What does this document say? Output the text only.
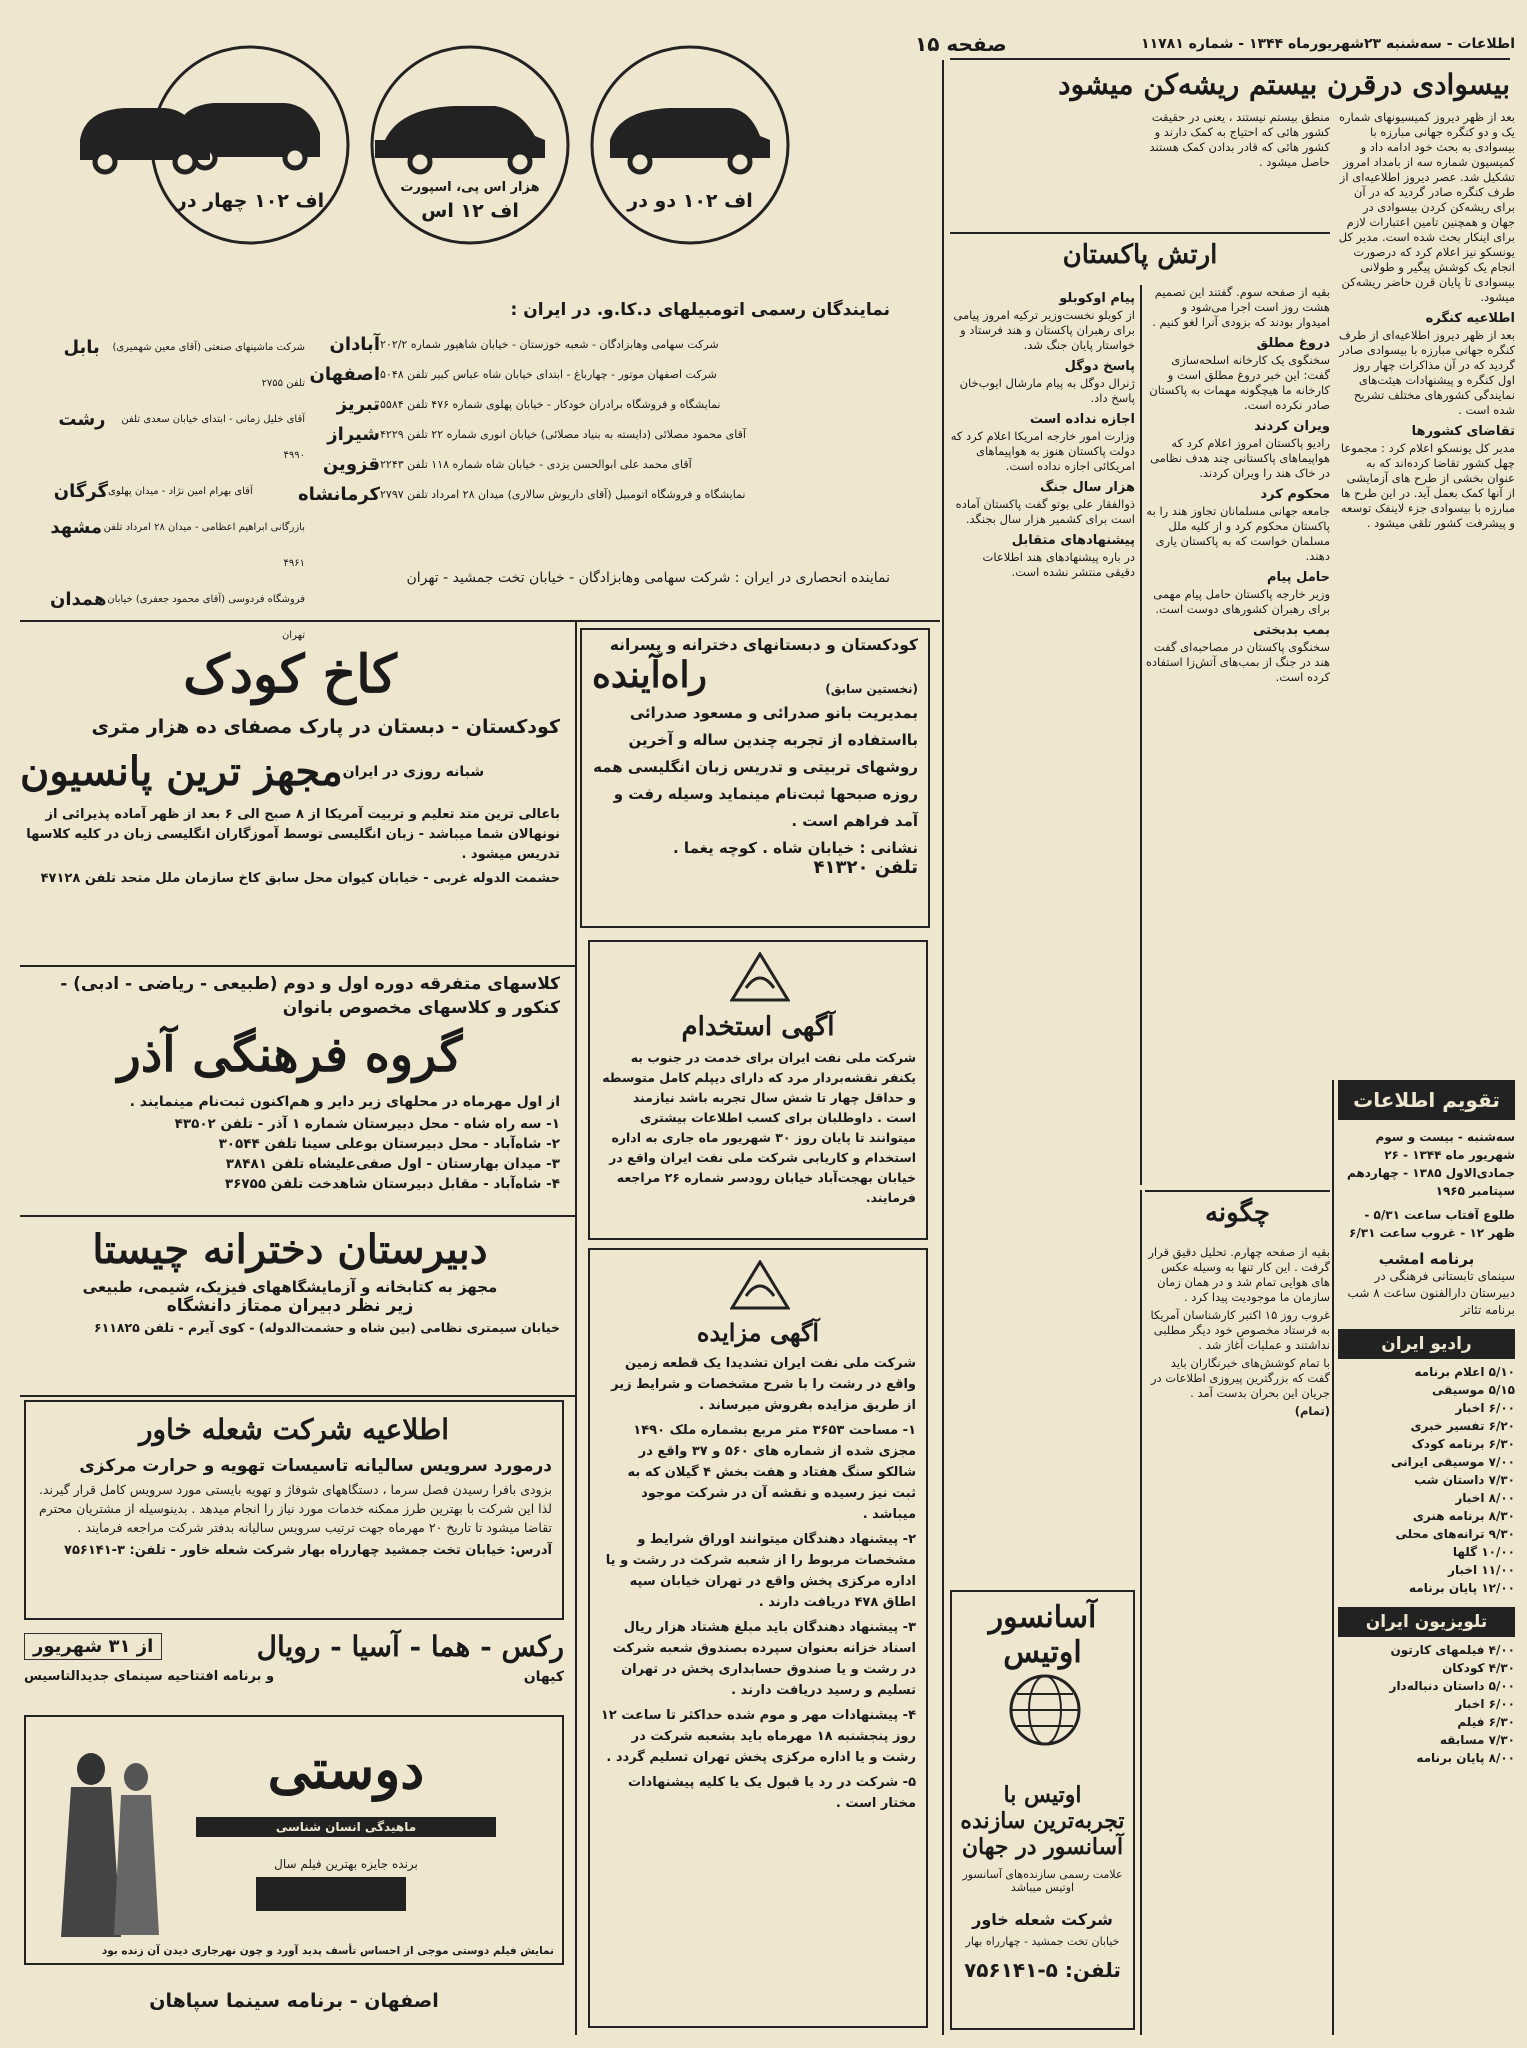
اطلاعات - سه‌شنبه ۲۳شهریورماه ۱۳۴۴ - شماره ۱۱۷۸۱
صفحه ۱۵
اف ۱۰۲ دو در
هزار اس پی، اسپورت
اف ۱۲ اس
اف ۱۰۲ چهار در
نمایندگان رسمی اتومبیلهای د.کا.و. در ایران :
آبادان شرکت سهامی وهابزادگان - شعبه خوزستان - خیابان شاهپور شماره ۲۰۲/۲
اصفهان شرکت اصفهان موتور - چهارباغ - ابتدای خیابان شاه عباس کبیر تلفن ۵۰۴۸
تبریز نمایشگاه و فروشگاه برادران خودکار - خیابان پهلوی شماره ۴۷۶ تلفن ۵۵۸۴
شیراز آقای محمود مصلائی (دایسته به بنیاد مصلائی) خیابان انوری شماره ۲۲ تلفن ۴۲۲۹
قزوین آقای محمد علی ابوالحسن یزدی - خیابان شاه شماره ۱۱۸ تلفن ۲۲۴۳
کرمانشاه نمایشگاه و فروشگاه اتومبیل (آقای داریوش سالاری) میدان ۲۸ امرداد تلفن ۲۷۹۷
بابل	شرکت ماشینهای صنعتی (آقای معین شهمیری) تلفن ۲۷۵۵
رشت	آقای خلیل زمانی - ابتدای خیابان سعدی تلفن ۴۹۹۰
گرگان آقای بهرام امین نژاد - میدان پهلوی
مشهد بازرگانی ابراهیم اعظامی - میدان ۲۸ امرداد تلفن ۴۹۶۱
همدان فروشگاه فردوسی (آقای محمود جعفری) خیابان تهران
نماینده انحصاری در ایران : شرکت سهامی وهابزادگان - خیابان تخت جمشید - تهران
کاخ کودک
کودکستان - دبستان در پارک مصفای ده هزار متری
مجهز ترین پانسیون شبانه روزی در ایران
باعالی ترین متد تعلیم و تربیت آمریکا از ۸ صبح الی ۶ بعد از ظهر آماده پذیرائی از نونهالان شما میباشد - زبان انگلیسی توسط آموزگاران انگلیسی زبان در کلیه کلاسها تدریس میشود .
حشمت الدوله غربی - خیابان کیوان محل سابق کاخ سازمان ملل متحد تلفن ۴۷۱۲۸
کلاسهای متفرقه دوره اول و دوم (طبیعی - ریاضی - ادبی) - کنکور و کلاسهای مخصوص بانوان
گروه فرهنگی آذر
از اول مهرماه در محلهای زیر دایر و هم‌اکنون ثبت‌نام مینمایند .
۱- سه راه شاه - محل دبیرستان شماره ۱ آذر - تلفن ۴۳۵۰۲
۲- شاه‌آباد - محل دبیرستان بوعلی سینا تلفن ۳۰۵۴۴
۳- میدان بهارستان - اول صفی‌علیشاه تلفن ۳۸۴۸۱
۴- شاه‌آباد - مقابل دبیرستان شاهدخت تلفن ۳۶۷۵۵
دبیرستان دخترانه چیستا
مجهز به کتابخانه و آزمایشگاههای فیزیک، شیمی، طبیعی
زیر نظر دبیران ممتاز دانشگاه
خیابان سیمتری نظامی (بین شاه و حشمت‌الدوله) - کوی آیرم - تلفن ۶۱۱۸۲۵
اطلاعیه شرکت شعله خاور
درمورد سرویس سالیانه تاسیسات تهویه و حرارت مرکزی
بزودی بافرا رسیدن فصل سرما ، دستگاههای شوفاژ و تهویه بایستی مورد سرویس کامل قرار گیرند. لذا این شرکت با بهترین طرز ممکنه خدمات مورد نیاز را انجام میدهد . بدینوسیله از مشتریان محترم تقاضا میشود تا تاریخ ۲۰ مهرماه جهت ترتیب سرویس سالیانه بدفتر شرکت مراجعه فرمایند .
آدرس: خیابان تخت جمشید چهارراه بهار شرکت شعله خاور - تلفن: ۳-۷۵۶۱۴۱
از ۳۱ شهریور	رکس - هما - آسیا - رویال
و برنامه افتتاحیه سینمای جدیدالتاسیس	کیهان
دوستی
ماهیدگی انسان شناسی
برنده جایزه بهترین فیلم سال
نمایش فیلم دوستی موجی از احساس تأسف پدید آورد و چون نهرجاری دیدن آن زنده بود
اصفهان - برنامه سینما سپاهان
کودکستان و دبستانهای دخترانه و پسرانه
راه‌آینده	(نخستین سابق)
بمدیریت بانو صدرائی و مسعود صدرائی بااستفاده از تجربه چندین ساله و آخرین روشهای تربیتی و تدریس زبان انگلیسی همه روزه صبحها ثبت‌نام مینماید وسیله رفت و آمد فراهم است .
نشانی : خیابان شاه . کوچه یغما .
تلفن ۴۱۳۲۰
آگهی استخدام
شرکت ملی نفت ایران برای خدمت در جنوب به یکنفر نقشه‌بردار مرد که دارای دیپلم کامل متوسطه و حداقل چهار تا شش سال تجربه باشد نیازمند است . داوطلبان برای کسب اطلاعات بیشتری میتوانند تا پایان روز ۳۰ شهریور ماه جاری به اداره استخدام و کاریابی شرکت ملی نفت ایران واقع در خیابان بهجت‌آباد خیابان رودسر شماره ۲۶ مراجعه فرمایند.
آگهی مزایده
شرکت ملی نفت ایران تشدیدا یک قطعه زمین واقع در رشت را با شرح مشخصات و شرایط زیر از طریق مزایده بفروش میرساند .

۱- مساحت ۳۶۵۳ متر مربع بشماره ملک ۱۴۹۰ مجزی شده از شماره های ۵۶۰ و ۳۷ واقع در شالکو سنگ هفتاد و هفت بخش ۴ گیلان که به ثبت نیز رسیده و نقشه آن در شرکت موجود میباشد .

۲- پیشنهاد دهندگان میتوانند اوراق شرایط و مشخصات مربوط را از شعبه شرکت در رشت و یا اداره مرکزی پخش واقع در تهران خیابان سپه اطاق ۴۷۸ دریافت دارند .

۳- پیشنهاد دهندگان باید مبلغ هشتاد هزار ریال اسناد خزانه بعنوان سپرده بصندوق شعبه شرکت در رشت و یا صندوق حسابداری پخش در تهران تسلیم و رسید دریافت دارند .

۴- پیشنهادات مهر و موم شده حداکثر تا ساعت ۱۲ روز پنجشنبه ۱۸ مهرماه باید بشعبه شرکت در رشت و یا اداره مرکزی پخش تهران تسلیم گردد .

۵- شرکت در رد یا قبول یک یا کلیه پیشنهادات مختار است .

بیسوادی درقرن بیستم ریشه‌کن میشود

بعد از ظهر دیروز کمیسیونهای شماره یک و دو کنگره جهانی مبارزه با بیسوادی به بحث خود ادامه داد و کمیسیون شماره سه از بامداد امروز تشکیل شد. عصر دیروز اطلاعیه‌ای از طرف کنگره صادر گردید که در آن برای ریشه‌کن کردن بیسوادی در جهان و همچنین تامین اعتبارات لازم برای اینکار بحث شده است. مدیر کل یونسکو نیز اعلام کرد که درصورت انجام یک کوشش پیگیر و طولانی بیسوادی تا پایان قرن حاضر ریشه‌کن میشود.

اطلاعیه کنگره

بعد از ظهر دیروز اطلاعیه‌ای از طرف کنگره جهانی مبارزه با بیسوادی صادر گردید که در آن مذاکرات چهار روز اول کنگره و پیشنهادات هیئت‌های نمایندگی کشورهای مختلف تشریح شده است .

تقاضای کشورها

مدیر کل یونسکو اعلام کرد : مجموعا چهل کشور تقاضا کرده‌اند که به عنوان بخشی از طرح های آزمایشی از آنها کمک بعمل آید. در این طرح ها مبارزه با بیسوادی جزء لاینفک توسعه و پیشرفت کشور تلقی میشود .

منطق بیستم نیستند ، یعنی در حقیقت کشور هائی که احتیاج به کمک دارند و کشور هائی که قادر بدادن کمک هستند حاصل میشود .

ارتش پاکستان

بقیه از صفحه سوم. گفتند این تصمیم هشت روز است اجرا می‌شود و امیدوار بودند که بزودی آنرا لغو کنیم .

دروغ مطلق

سخنگوی یک کارخانه اسلحه‌سازی گفت: این خبر دروغ مطلق است و کارخانه ما هیچگونه مهمات به پاکستان صادر نکرده است.

ویران کردند

رادیو پاکستان امروز اعلام کرد که هواپیماهای پاکستانی چند هدف نظامی در خاک هند را ویران کردند.

محکوم کرد

جامعه جهانی مسلمانان تجاوز هند را به پاکستان محکوم کرد و از کلیه ملل مسلمان خواست که به پاکستان یاری دهند.

حامل پیام

وزیر خارجه پاکستان حامل پیام مهمی برای رهبران کشورهای دوست است.

بمب بدبختی

سخنگوی پاکستان در مصاحبه‌ای گفت هند در جنگ از بمب‌های آتش‌زا استفاده کرده است.

پیام اوکوبلو

از کوبلو نخست‌وزیر ترکیه امروز پیامی برای رهبران پاکستان و هند فرستاد و خواستار پایان جنگ شد.

پاسخ دوگل

ژنرال دوگل به پیام مارشال ایوب‌خان پاسخ داد.

اجازه نداده است

وزارت امور خارجه امریکا اعلام کرد که دولت پاکستان هنوز به هواپیماهای امریکائی اجازه نداده است.

هزار سال جنگ

ذوالفقار علی بوتو گفت پاکستان آماده است برای کشمیر هزار سال بجنگد.

پیشنهادهای متقابل

در باره پیشنهادهای هند اطلاعات دقیقی منتشر نشده است.

چگونه

بقیه از صفحه چهارم. تحلیل دقیق قرار گرفت . این کار تنها به وسیله عکس های هوایی تمام شد و در همان زمان سازمان ما موجودیت پیدا کرد .

غروب روز ۱۵ اکتبر کارشناسان آمریکا به فرستاد مخصوص خود دیگر مطلبی نداشتند و عملیات آغاز شد .

با تمام کوشش‌های خبرنگاران باید گفت که بزرگترین پیروزی اطلاعات در جریان این بحران بدست آمد .

(تمام)

آسانسور اوتیس
اوتیس با تجربه‌ترین سازنده آسانسور در جهان
علامت رسمی سازنده‌های آسانسور اوتیس میباشد
شرکت شعله خاور
خیابان تخت جمشید - چهارراه بهار
تلفن: ۵-۷۵۶۱۴۱
تقویم اطلاعات
سه‌شنبه - بیست و سوم شهریور ماه ۱۳۴۴ - ۲۶ جمادی‌الاول ۱۳۸۵ - چهاردهم سپتامبر ۱۹۶۵
طلوع آفتاب ساعت ۵/۳۱ - ظهر ۱۲ - غروب ساعت ۶/۳۱
برنامه امشب
سینمای تابستانی فرهنگی در دبیرستان دارالفنون ساعت ۸ شب برنامه تئاتر
رادیو ایران
۵/۱۰ اعلام برنامه
۵/۱۵ موسیقی
۶/۰۰ اخبار
۶/۲۰ تفسیر خبری
۶/۳۰ برنامه کودک
۷/۰۰ موسیقی ایرانی
۷/۳۰ داستان شب
۸/۰۰ اخبار
۸/۳۰ برنامه هنری
۹/۳۰ ترانه‌های محلی
۱۰/۰۰ گلها
۱۱/۰۰ اخبار
۱۲/۰۰ پایان برنامه
تلویزیون ایران
۴/۰۰ فیلمهای کارتون
۴/۳۰ کودکان
۵/۰۰ داستان دنباله‌دار
۶/۰۰ اخبار
۶/۳۰ فیلم
۷/۳۰ مسابقه
۸/۰۰ پایان برنامه
